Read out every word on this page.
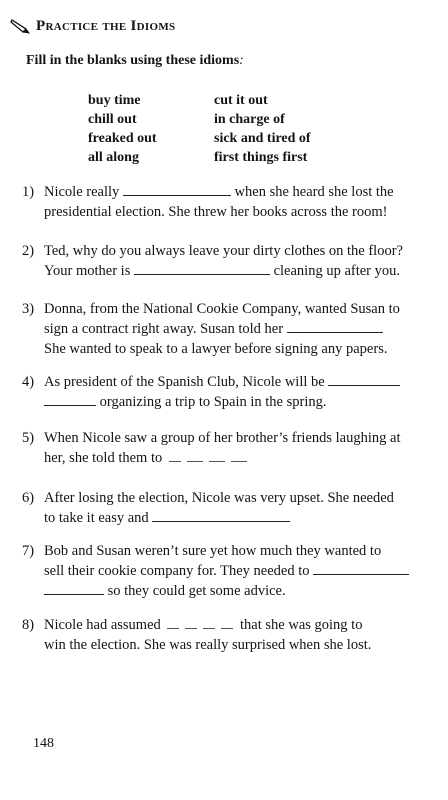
Practice the Idioms
Fill in the blanks using these idioms:
buy time	cut it out
chill out	in charge of
freaked out	sick and tired of
all along	first things first
1) Nicole really	when she heard she lost the
presidential election. She threw her books across the room!
2) Ted, why do you always leave your dirty clothes on the floor?
Your mother is	cleaning up after you.
3) Donna, from the National Cookie Company, wanted Susan to
sign a contract right away. Susan told her
She wanted to speak to a lawyer before signing any papers.
4) As president of the Spanish Club, Nicole will be
organizing a trip to Spain in the spring.
5) When Nicole saw a group of her brother’s friends laughing at
her, she told them to
6) After losing the election, Nicole was very upset. She needed
to take it easy and
7) Bob and Susan weren’t sure yet how much they wanted to
sell their cookie company for. They needed to
so they could get some advice.
8) Nicole had assumed	that she was going to
win the election. She was really surprised when she lost.
148
